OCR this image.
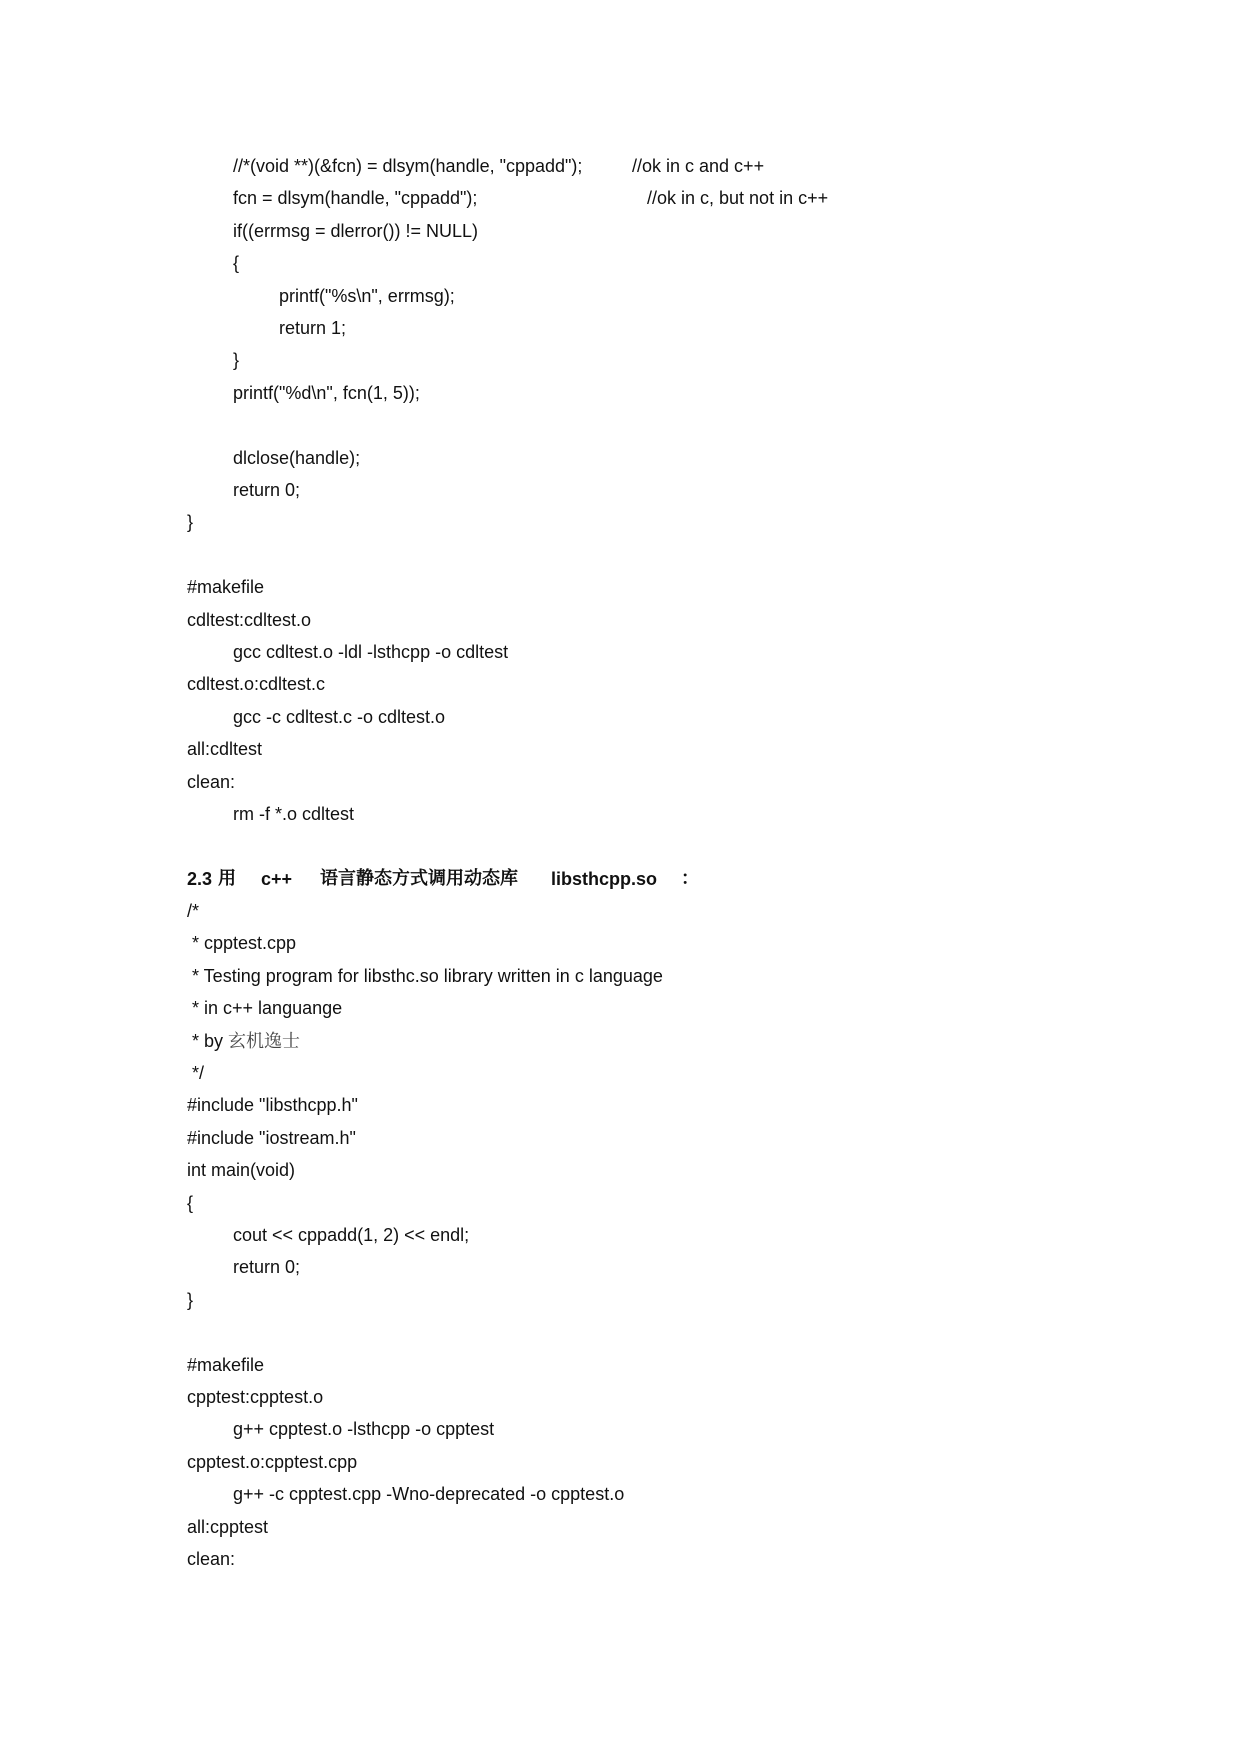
//*(void **)(&fcn) = dlsym(handle, "cppadd");
fcn = dlsym(handle, "cppadd");
if((errmsg = dlerror()) != NULL)
{
printf("%s\n", errmsg);
return 1;
}
printf("%d\n", fcn(1, 5));
dlclose(handle);
return 0;
}
#makefile
cdltest:cdltest.o
gcc cdltest.o -ldl -lsthcpp -o cdltest
cdltest.o:cdltest.c
gcc -c cdltest.c -o cdltest.o
all:cdltest
clean:
rm -f *.o cdltest
//ok in c and c++
//ok in c, but not in c++
2.3 用 c++ 语言静态方式调用动态库 libsthcpp.so ：
/*
* cpptest.cpp
* Testing program for libsthc.so library written in c language
* in c++ languange
* by 玄机逸士
*/
#include "libsthcpp.h"
#include "iostream.h"
int main(void)
{
cout << cppadd(1, 2) << endl;
return 0;
}
#makefile
cpptest:cpptest.o
g++ cpptest.o -lsthcpp -o cpptest
cpptest.o:cpptest.cpp
g++ -c cpptest.cpp -Wno-deprecated -o cpptest.o
all:cpptest
clean:
